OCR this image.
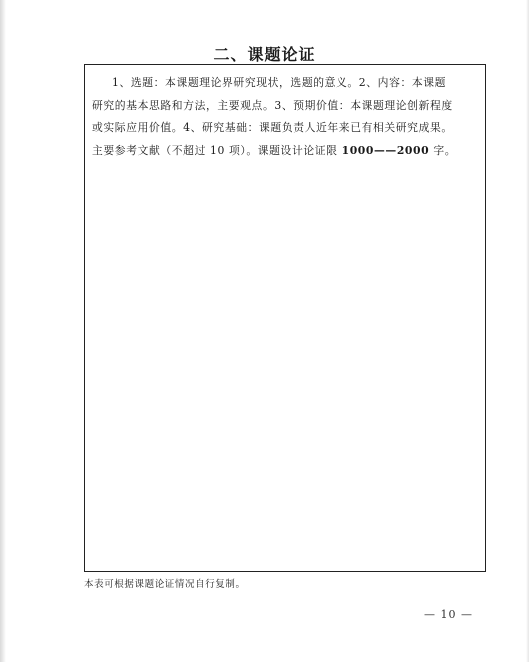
二、课题论证
1、选题：本课题理论界研究现状，选题的意义。2、内容：本课题
研究的基本思路和方法，主要观点。3、预期价值：本课题理论创新程度
或实际应用价值。4、研究基础：课题负责人近年来已有相关研究成果。
主要参考文献（不超过 10 项）。课题设计论证限 1000——2000 字。
本表可根据课题论证情况自行复制。
— 10 —
